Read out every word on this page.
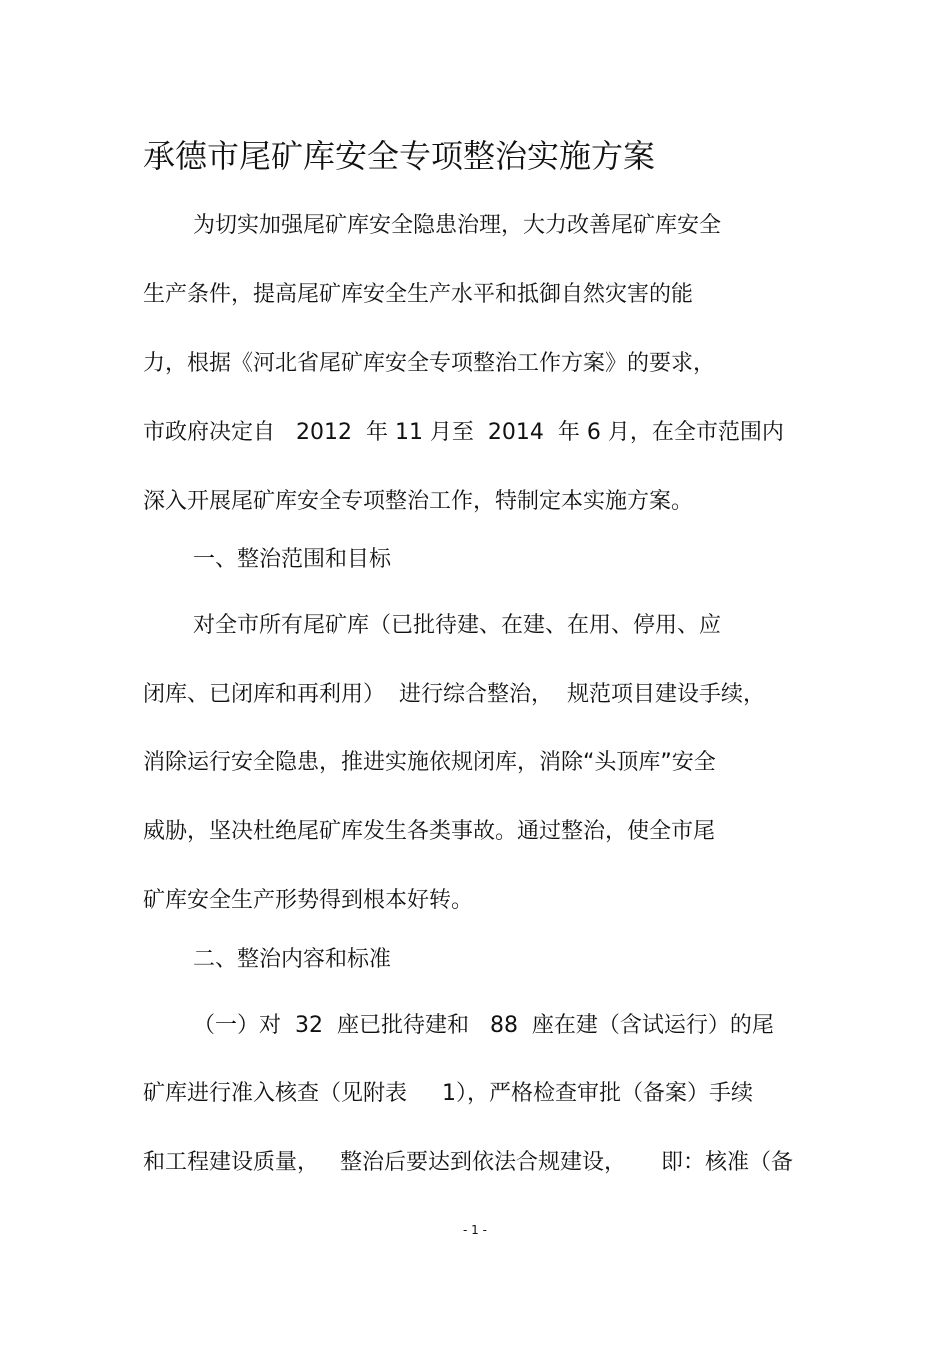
承德市尾矿库安全专项整治实施方案

为切实加强尾矿库安全隐患治理，大力改善尾矿库安全

生产条件，提高尾矿库安全生产水平和抵御自然灾害的能

力，根据《河北省尾矿库安全专项整治工作方案》的要求，

市政府决定自   2012  年 11 月至  2014  年 6 月，在全市范围内

深入开展尾矿库安全专项整治工作，特制定本实施方案。

一、整治范围和目标

对全市所有尾矿库（已批待建、在建、在用、停用、应

闭库、已闭库和再利用）  进行综合整治，  规范项目建设手续，

消除运行安全隐患，推进实施依规闭库，消除“头顶库”安全

威胁，坚决杜绝尾矿库发生各类事故。通过整治，使全市尾

矿库安全生产形势得到根本好转。

二、整治内容和标准

（一）对  32  座已批待建和   88  座在建（含试运行）的尾

矿库进行准入核查（见附表     1），严格检查审批（备案）手续

和工程建设质量，   整治后要达到依法合规建设，     即：核准（备

- 1 -
